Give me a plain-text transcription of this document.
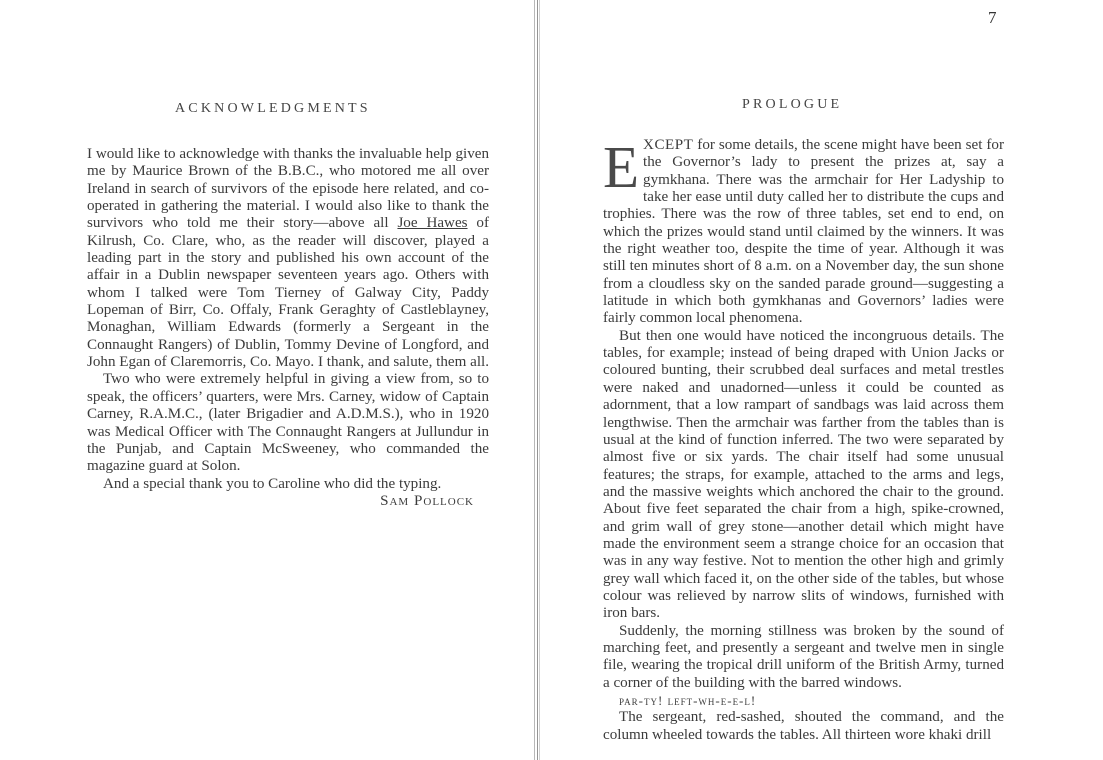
7
ACKNOWLEDGMENTS

I would like to acknowledge with thanks the invaluable help given me by Maurice Brown of the B.B.C., who motored me all over Ireland in search of survivors of the episode here related, and co-operated in gathering the material. I would also like to thank the survivors who told me their story—above all Joe Hawes of Kilrush, Co. Clare, who, as the reader will discover, played a leading part in the story and published his own account of the affair in a Dublin newspaper seventeen years ago. Others with whom I talked were Tom Tierney of Galway City, Paddy Lopeman of Birr, Co. Offaly, Frank Geraghty of Castleblayney, Monaghan, William Edwards (formerly a Sergeant in the Connaught Rangers) of Dublin, Tommy Devine of Longford, and John Egan of Claremorris, Co. Mayo. I thank, and salute, them all.

Two who were extremely helpful in giving a view from, so to speak, the officers’ quarters, were Mrs. Carney, widow of Captain Carney, R.A.M.C., (later Brigadier and A.D.M.S.), who in 1920 was Medical Officer with The Connaught Rangers at Jullundur in the Punjab, and Captain McSweeney, who commanded the magazine guard at Solon.

And a special thank you to Caroline who did the typing.

Sam Pollock

PROLOGUE

EXCEPT for some details, the scene might have been set for the Governor’s lady to present the prizes at, say a gymkhana. There was the armchair for Her Ladyship to take her ease until duty called her to distribute the cups and trophies. There was the row of three tables, set end to end, on which the prizes would stand until claimed by the winners. It was the right weather too, despite the time of year. Although it was still ten minutes short of 8 a.m. on a November day, the sun shone from a cloudless sky on the sanded parade ground—suggesting a latitude in which both gymkhanas and Governors’ ladies were fairly common local phenomena.

But then one would have noticed the incongruous details. The tables, for example; instead of being draped with Union Jacks or coloured bunting, their scrubbed deal surfaces and metal trestles were naked and unadorned—unless it could be counted as adornment, that a low rampart of sandbags was laid across them lengthwise. Then the armchair was farther from the tables than is usual at the kind of function inferred. The two were separated by almost five or six yards. The chair itself had some unusual features; the straps, for example, attached to the arms and legs, and the massive weights which anchored the chair to the ground. About five feet separated the chair from a high, spike-crowned, and grim wall of grey stone—another detail which might have made the environment seem a strange choice for an occasion that was in any way festive. Not to mention the other high and grimly grey wall which faced it, on the other side of the tables, but whose colour was relieved by narrow slits of windows, furnished with iron bars.

Suddenly, the morning stillness was broken by the sound of marching feet, and presently a sergeant and twelve men in single file, wearing the tropical drill uniform of the British Army, turned a corner of the building with the barred windows.

par-ty! left-wh-e-e-l!

The sergeant, red-sashed, shouted the command, and the column wheeled towards the tables. All thirteen wore khaki drill
